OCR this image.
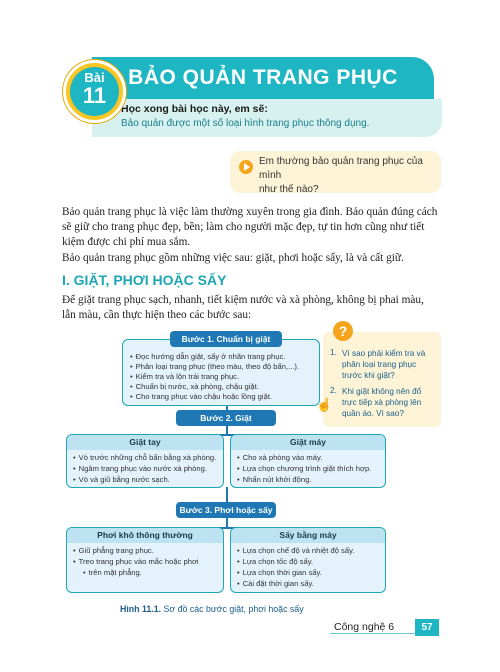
BẢO QUẢN TRANG PHỤC
Học xong bài học này, em sẽ:
Bảo quản được một số loại hình trang phục thông dụng.
Bài
11
Em thường bảo quản trang phục của mình
như thế nào?
Bảo quản trang phục là việc làm thường xuyên trong gia đình. Bảo quản đúng cách
sẽ giữ cho trang phục đẹp, bền; làm cho người mặc đẹp, tự tin hơn cũng như tiết
kiệm được chi phí mua sắm.
Bảo quản trang phục gồm những việc sau: giặt, phơi hoặc sấy, là và cất giữ.
I. GIẶT, PHƠI HOẶC SẤY
Để giặt trang phục sạch, nhanh, tiết kiệm nước và xà phòng, không bị phai màu,
lẫn màu, cần thực hiện theo các bước sau:
• Đọc hướng dẫn giặt, sấy ở nhãn trang phục.
• Phân loại trang phục (theo màu, theo độ bẩn,...).
• Kiểm tra và lộn trái trang phục.
• Chuẩn bị nước, xà phòng, chậu giặt.
• Cho trang phục vào chậu hoặc lồng giặt.
Bước 1. Chuẩn bị giặt
Bước 2. Giặt
Giặt tay
• Vò trước những chỗ bẩn bằng xà phòng.
• Ngâm trang phục vào nước xà phòng.
• Vò và giũ bằng nước sạch.
Giặt máy
• Cho xà phòng vào máy.
• Lựa chọn chương trình giặt thích hợp.
• Nhấn nút khởi động.
Bước 3. Phơi hoặc sấy
Phơi khô thông thường
• Giũ phẳng trang phục.
• Treo trang phục vào mắc hoặc phơi
• trên mặt phẳng.
Sấy bằng máy
• Lựa chọn chế độ và nhiệt độ sấy.
• Lựa chọn tốc độ sấy.
• Lựa chọn thời gian sấy.
• Cài đặt thời gian sấy.
?
1. Vì sao phải kiểm tra và
phân loại trang phục
trước khi giặt?
2. Khi giặt không nên đổ
trực tiếp xà phòng lên
quần áo. Vì sao?
☝
Hình 11.1. Sơ đồ các bước giặt, phơi hoặc sấy
Công nghệ 6	57
